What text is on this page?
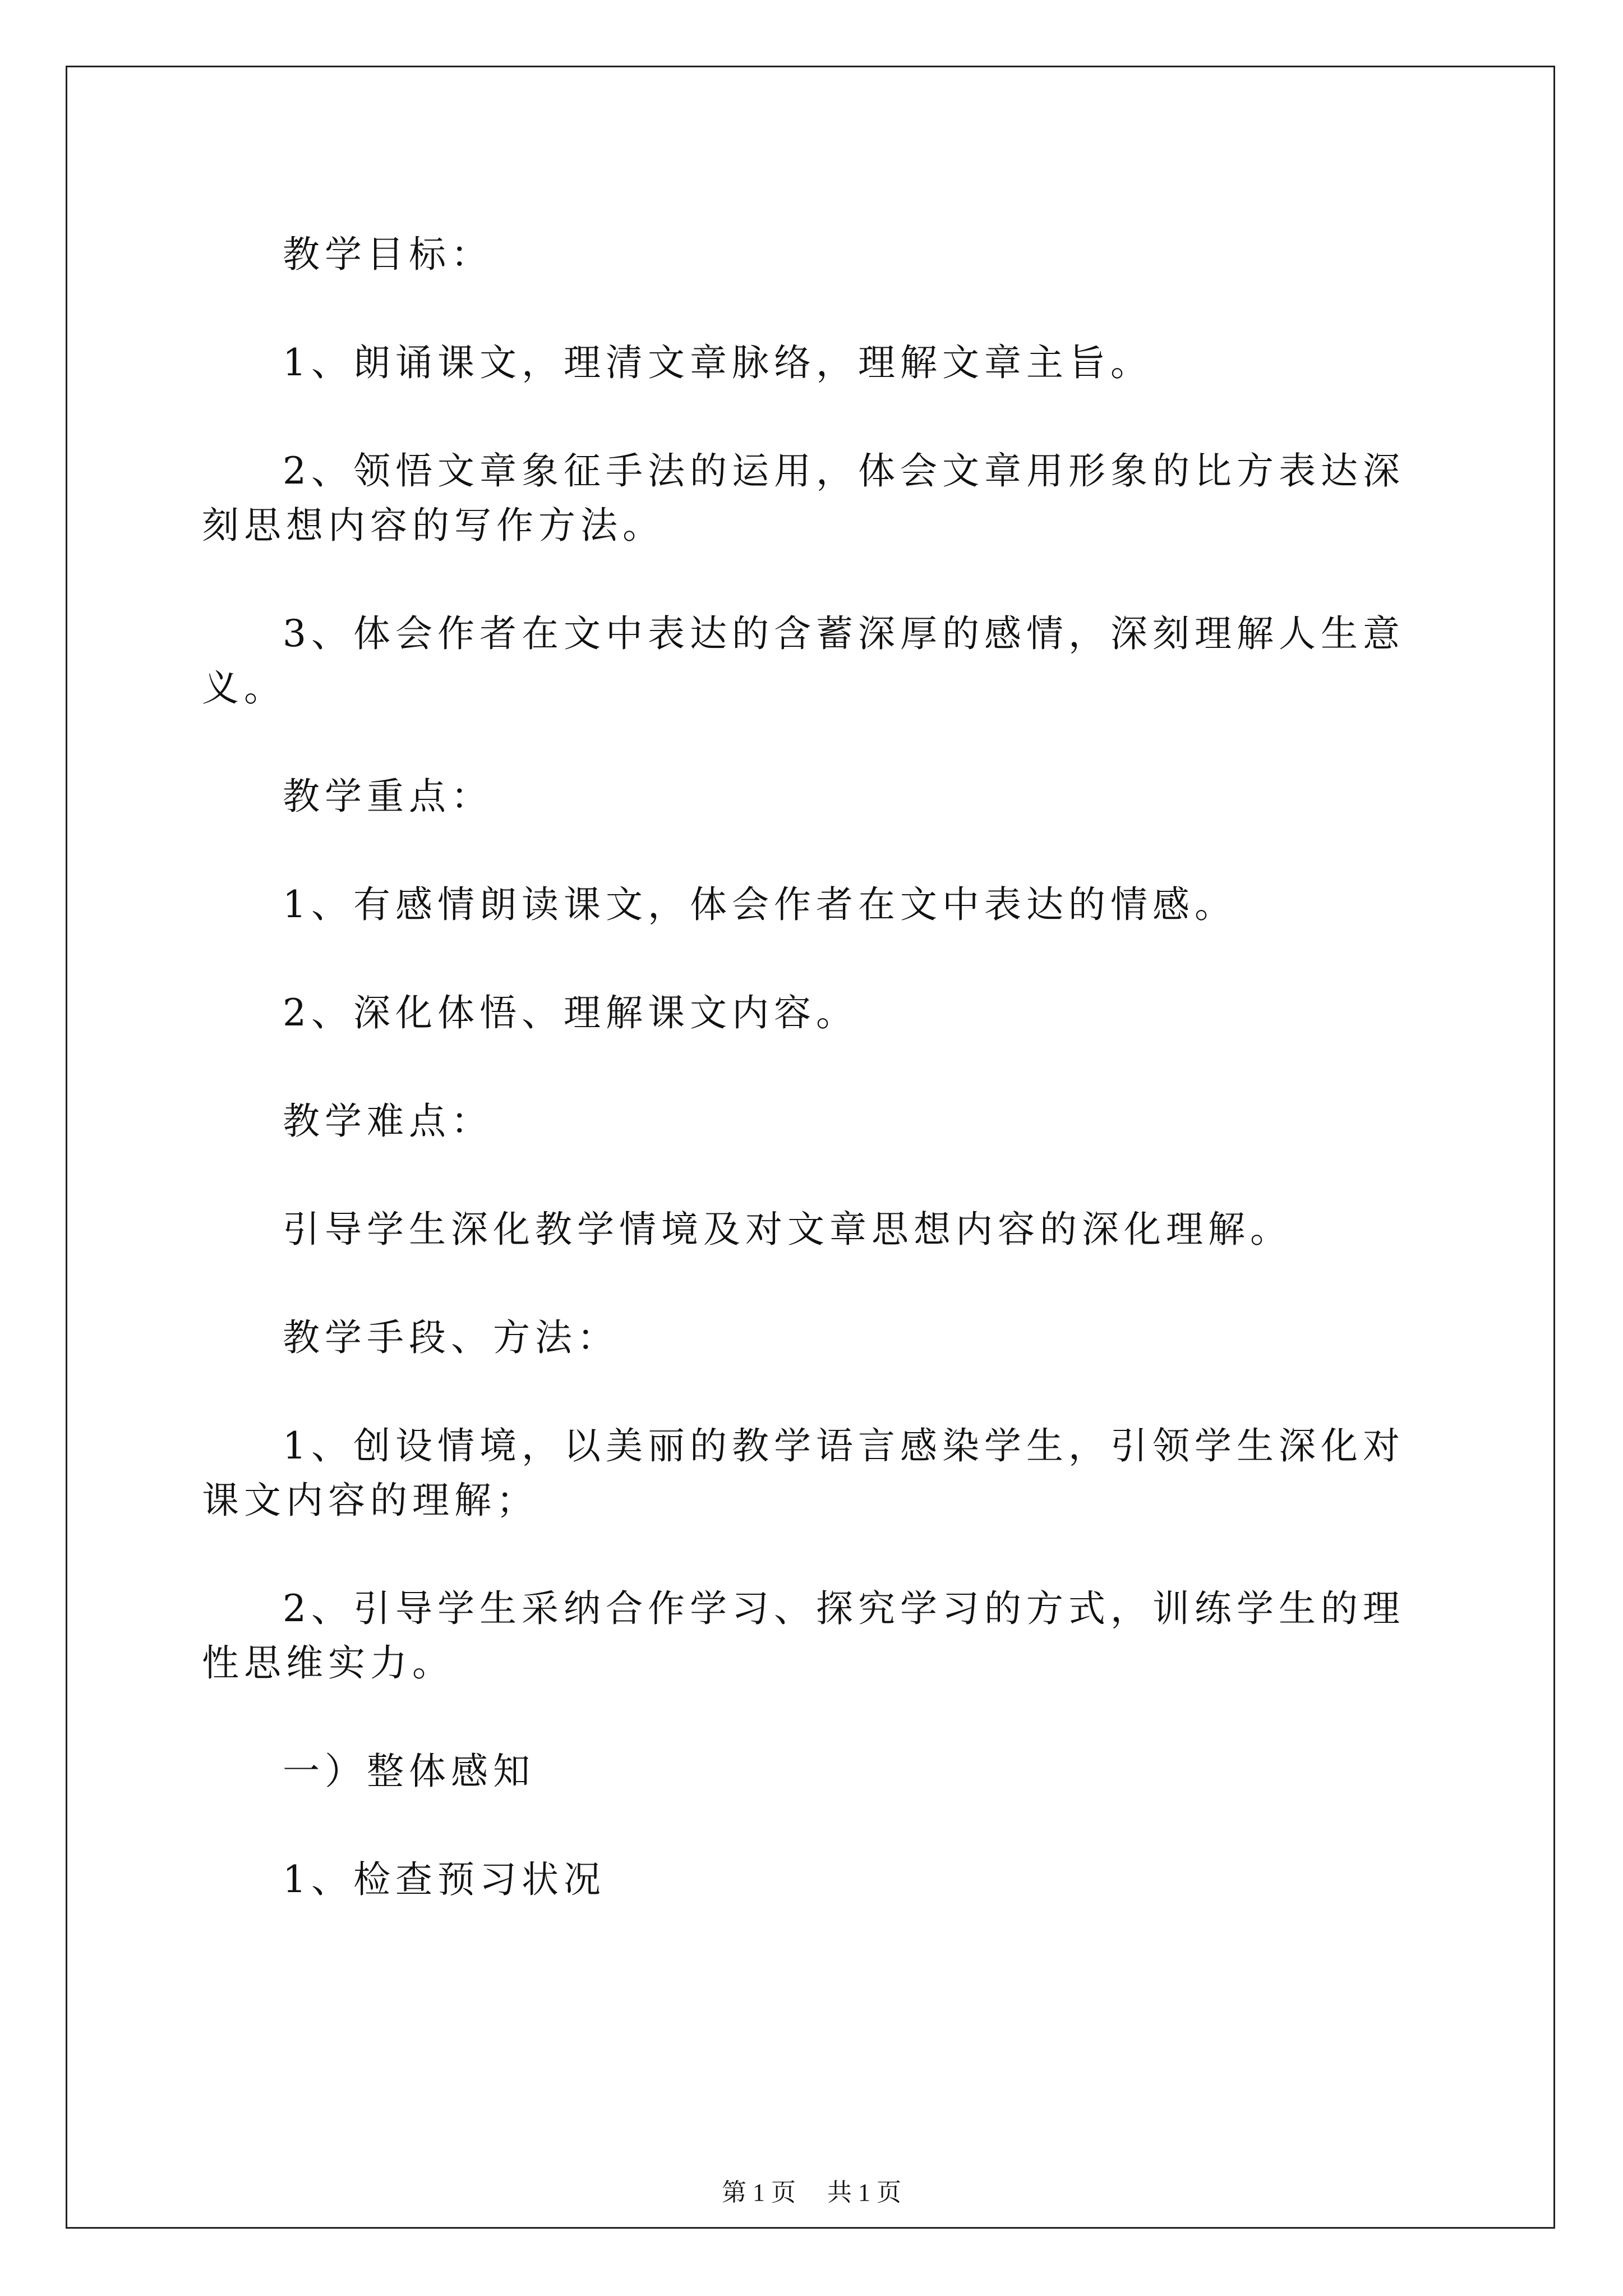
教学目标：

1、朗诵课文，理清文章脉络，理解文章主旨。

2、领悟文章象征手法的运用，体会文章用形象的比方表达深刻思想内容的写作方法。

3、体会作者在文中表达的含蓄深厚的感情，深刻理解人生意义。

教学重点：

1、有感情朗读课文，体会作者在文中表达的情感。

2、深化体悟、理解课文内容。

教学难点：

引导学生深化教学情境及对文章思想内容的深化理解。

教学手段、方法：

1、创设情境，以美丽的教学语言感染学生，引领学生深化对课文内容的理解；

2、引导学生采纳合作学习、探究学习的方式，训练学生的理性思维实力。

一）整体感知

1、检查预习状况

第 1 页 共 1 页
